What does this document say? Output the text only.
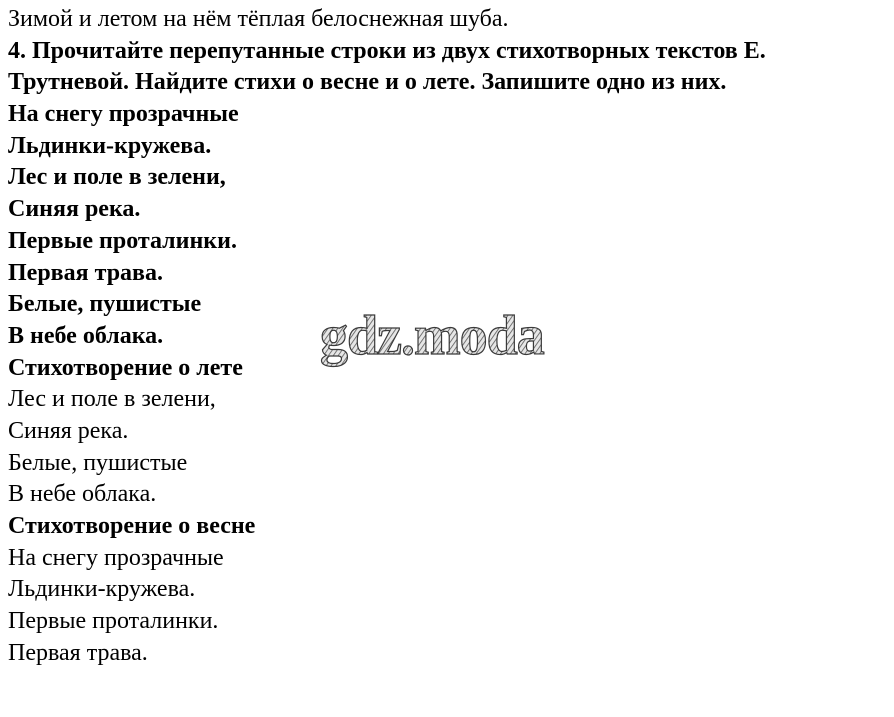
Зимой и летом на нём тёплая белоснежная шуба.

4. Прочитайте перепутанные строки из двух стихотворных текстов Е.

Трутневой. Найдите стихи о весне и о лете. Запишите одно из них.

На снегу прозрачные

Льдинки-кружева.

Лес и поле в зелени,

Синяя река.

Первые проталинки.

Первая трава.

Белые, пушистые

В небе облака.

Стихотворение о лете

Лес и поле в зелени,

Синяя река.

Белые, пушистые

В небе облака.

Стихотворение о весне

На снегу прозрачные

Льдинки-кружева.

Первые проталинки.

Первая трава.

gdz.moda
